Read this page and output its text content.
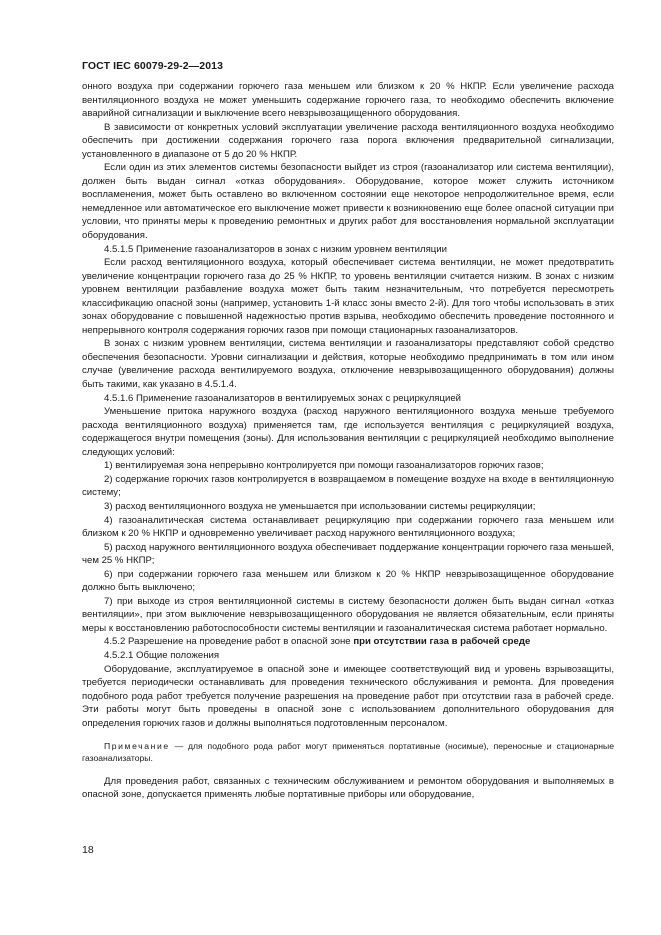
ГОСТ IEC 60079-29-2—2013

онного воздуха при содержании горючего газа меньшем или близком к 20 % НКПР. Если увеличение расхода вентиляционного воздуха не может уменьшить содержание горючего газа, то необходимо обеспечить включение аварийной сигнализации и выключение всего невзрывозащищенного оборудования.

В зависимости от конкретных условий эксплуатации увеличение расхода вентиляционного воздуха необходимо обеспечить при достижении содержания горючего газа порога включения предварительной сигнализации, установленного в диапазоне от 5 до 20 % НКПР.

Если один из этих элементов системы безопасности выйдет из строя (газоанализатор или система вентиляции), должен быть выдан сигнал «отказ оборудования». Оборудование, которое может служить источником воспламенения, может быть оставлено во включенном состоянии еще некоторое непродолжительное время, если немедленное или автоматическое его выключение может привести к возникновению еще более опасной ситуации при условии, что приняты меры к проведению ремонтных и других работ для восстановления нормальной эксплуатации оборудования.

4.5.1.5 Применение газоанализаторов в зонах с низким уровнем вентиляции

Если расход вентиляционного воздуха, который обеспечивает система вентиляции, не может предотвратить увеличение концентрации горючего газа до 25 % НКПР, то уровень вентиляции считается низким. В зонах с низким уровнем вентиляции разбавление воздуха может быть таким незначительным, что потребуется пересмотреть классификацию опасной зоны (например, установить 1-й класс зоны вместо 2-й). Для того чтобы использовать в этих зонах оборудование с повышенной надежностью против взрыва, необходимо обеспечить проведение постоянного и непрерывного контроля содержания горючих газов при помощи стационарных газоанализаторов.

В зонах с низким уровнем вентиляции, система вентиляции и газоанализаторы представляют собой средство обеспечения безопасности. Уровни сигнализации и действия, которые необходимо предпринимать в том или ином случае (увеличение расхода вентилируемого воздуха, отключение невзрывозащищенного оборудования) должны быть такими, как указано в 4.5.1.4.

4.5.1.6 Применение газоанализаторов в вентилируемых зонах с рециркуляцией

Уменьшение притока наружного воздуха (расход наружного вентиляционного воздуха меньше требуемого расхода вентиляционного воздуха) применяется там, где используется вентиляция с рециркуляцией воздуха, содержащегося внутри помещения (зоны). Для использования вентиляции с рециркуляцией необходимо выполнение следующих условий:

1) вентилируемая зона непрерывно контролируется при помощи газоанализаторов горючих газов;

2) содержание горючих газов контролируется в возвращаемом в помещение воздухе на входе в вентиляционную систему;

3) расход вентиляционного воздуха не уменьшается при использовании системы рециркуляции;

4) газоаналитическая система останавливает рециркуляцию при содержании горючего газа меньшем или близком к 20 % НКПР и одновременно увеличивает расход наружного вентиляционного воздуха;

5) расход наружного вентиляционного воздуха обеспечивает поддержание концентрации горючего газа меньшей, чем 25 % НКПР;

6) при содержании горючего газа меньшем или близком к 20 % НКПР невзрывозащищенное оборудование должно быть выключено;

7) при выходе из строя вентиляционной системы в систему безопасности должен быть выдан сигнал «отказ вентиляции», при этом выключение невзрывозащищенного оборудования не является обязательным, если приняты меры к восстановлению работоспособности системы вентиляции и газоаналитическая система работает нормально.

4.5.2 Разрешение на проведение работ в опасной зоне при отсутствии газа в рабочей среде

4.5.2.1 Общие положения

Оборудование, эксплуатируемое в опасной зоне и имеющее соответствующий вид и уровень взрывозащиты, требуется периодически останавливать для проведения технического обслуживания и ремонта. Для проведения подобного рода работ требуется получение разрешения на проведение работ при отсутствии газа в рабочей среде. Эти работы могут быть проведены в опасной зоне с использованием дополнительного оборудования для определения горючих газов и должны выполняться подготовленным персоналом.

Примечание — для подобного рода работ могут применяться портативные (носимые), переносные и стационарные газоанализаторы.

Для проведения работ, связанных с техническим обслуживанием и ремонтом оборудования и выполняемых в опасной зоне, допускается применять любые портативные приборы или оборудование,

18
